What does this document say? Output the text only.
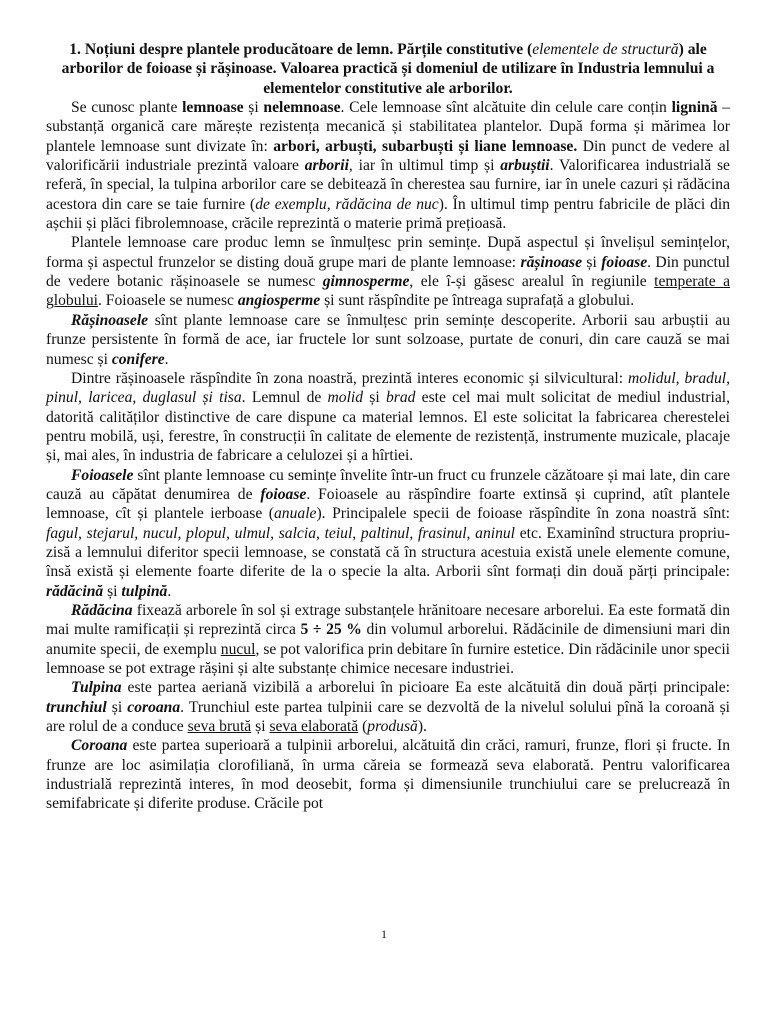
1. Noțiuni despre plantele producătoare de lemn. Părțile constitutive (elementele de structură) ale arborilor de foioase și rășinoase. Valoarea practică și domeniul de utilizare în Industria lemnului a elementelor constitutive ale arborilor.

Se cunosc plante lemnoase și nelemnoase. Cele lemnoase sînt alcătuite din celule care conțin lignină – substanță organică care mărește rezistența mecanică și stabilitatea plantelor. După forma și mărimea lor plantele lemnoase sunt divizate în: arbori, arbuști, subarbuști și liane lemnoase. Din punct de vedere al valorificării industriale prezintă valoare arborii, iar în ultimul timp și arbuștii. Valorificarea industrială se referă, în special, la tulpina arborilor care se debitează în cherestea sau furnire, iar în unele cazuri și rădăcina acestora din care se taie furnire (de exemplu, rădăcina de nuc). În ultimul timp pentru fabricile de plăci din așchii și plăci fibrolemnoase, crăcile reprezintă o materie primă prețioasă.

Plantele lemnoase care produc lemn se înmulțesc prin semințe. După aspectul și învelișul semințelor, forma și aspectul frunzelor se disting două grupe mari de plante lemnoase: rășinoase și foioase. Din punctul de vedere botanic rășinoasele se numesc gimnosperme, ele î-și găsesc arealul în regiunile temperate a globului. Foioasele se numesc angiosperme și sunt răspîndite pe întreaga suprafață a globului.

Rășinoasele sînt plante lemnoase care se înmulțesc prin semințe descoperite. Arborii sau arbuștii au frunze persistente în formă de ace, iar fructele lor sunt solzoase, purtate de conuri, din care cauză se mai numesc și conifere.

Dintre rășinoasele răspîndite în zona noastră, prezintă interes economic și silvicultural: molidul, bradul, pinul, laricea, duglasul și tisa. Lemnul de molid și brad este cel mai mult solicitat de mediul industrial, datorită calităților distinctive de care dispune ca material lemnos. El este solicitat la fabricarea cherestelei pentru mobilă, uși, ferestre, în construcții în calitate de elemente de rezistență, instrumente muzicale, placaje și, mai ales, în industria de fabricare a celulozei și a hîrtiei.

Foioasele sînt plante lemnoase cu semințe învelite într-un fruct cu frunzele căzătoare și mai late, din care cauză au căpătat denumirea de foioase. Foioasele au răspîndire foarte extinsă și cuprind, atît plantele lemnoase, cît și plantele ierboase (anuale). Principalele specii de foioase răspîndite în zona noastră sînt: fagul, stejarul, nucul, plopul, ulmul, salcia, teiul, paltinul, frasinul, aninul etc. Examinînd structura propriu-zisă a lemnului diferitor specii lemnoase, se constată că în structura acestuia există unele elemente comune, însă există și elemente foarte diferite de la o specie la alta. Arborii sînt formați din două părți principale: rădăcină și tulpină.

Rădăcina fixează arborele în sol și extrage substanțele hrănitoare necesare arborelui. Ea este formată din mai multe ramificații și reprezintă circa 5 ÷ 25 % din volumul arborelui. Rădăcinile de dimensiuni mari din anumite specii, de exemplu nucul, se pot valorifica prin debitare în furnire estetice. Din rădăcinile unor specii lemnoase se pot extrage rășini și alte substanțe chimice necesare industriei.

Tulpina este partea aeriană vizibilă a arborelui în picioare Ea este alcătuită din două părți principale: trunchiul și coroana. Trunchiul este partea tulpinii care se dezvoltă de la nivelul solului pînă la coroană și are rolul de a conduce seva brută și seva elaborată (produsă).

Coroana este partea superioară a tulpinii arborelui, alcătuită din crăci, ramuri, frunze, flori și fructe. In frunze are loc asimilația clorofiliană, în urma căreia se formează seva elaborată. Pentru valorificarea industrială reprezintă interes, în mod deosebit, forma și dimensiunile trunchiului care se prelucrează în semifabricate și diferite produse. Crăcile pot

1
